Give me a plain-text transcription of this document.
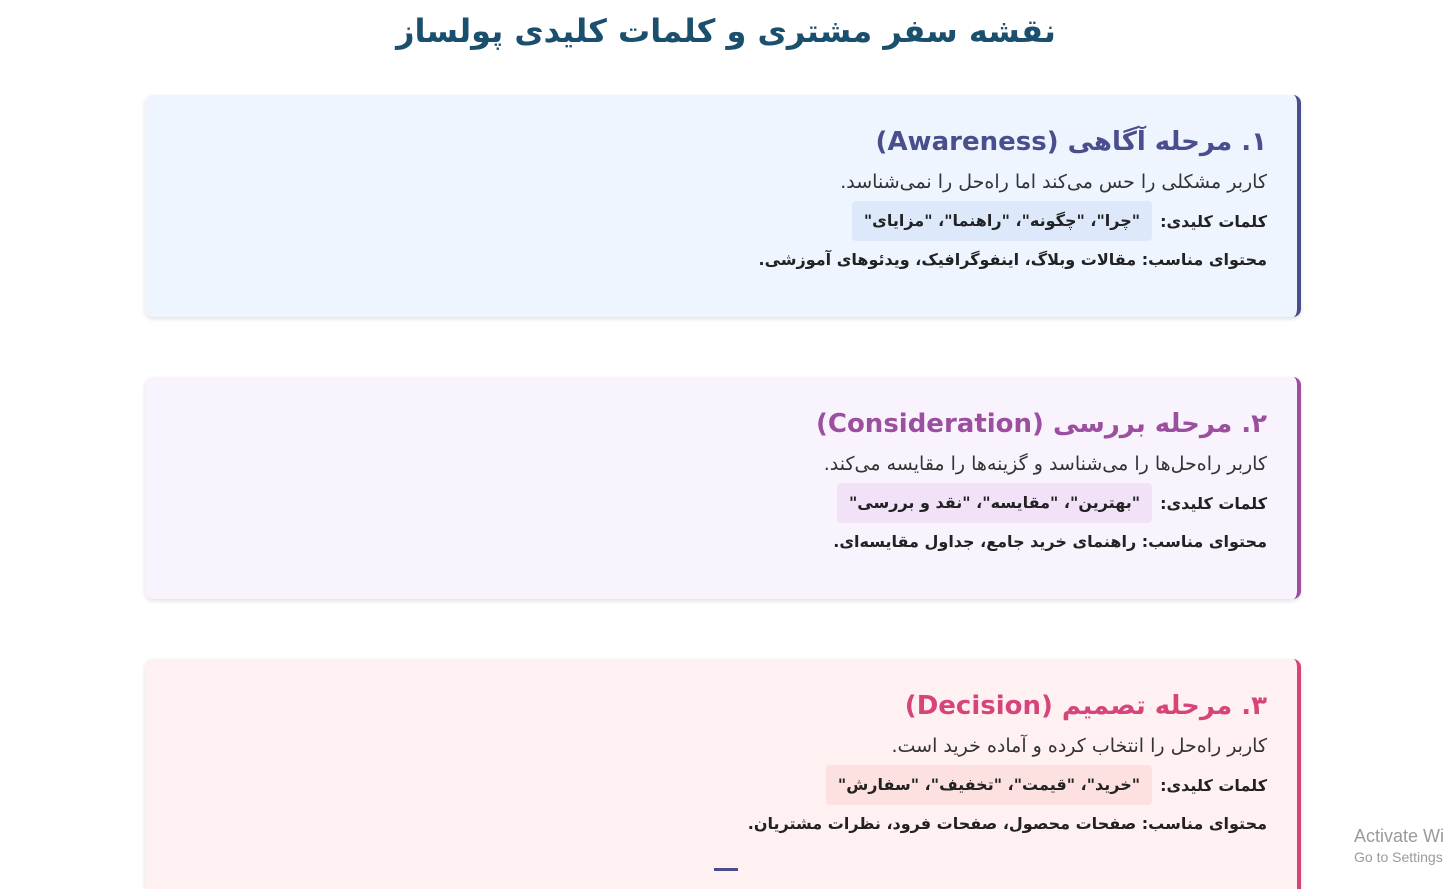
نقشه سفر مشتری و کلمات کلیدی پولساز
۱. مرحله آگاهی (Awareness)

کاربر مشکلی را حس می‌کند اما راه‌حل را نمی‌شناسد.

کلمات کلیدی:
"چرا"، "چگونه"، "راهنما"، "مزایای"
محتوای مناسب: مقالات وبلاگ، اینفوگرافیک، ویدئوهای آموزشی.
۲. مرحله بررسی (Consideration)

کاربر راه‌حل‌ها را می‌شناسد و گزینه‌ها را مقایسه می‌کند.

کلمات کلیدی:
"بهترین"، "مقایسه"، "نقد و بررسی"
محتوای مناسب: راهنمای خرید جامع، جداول مقایسه‌ای.
۳. مرحله تصمیم (Decision)

کاربر راه‌حل را انتخاب کرده و آماده خرید است.

کلمات کلیدی:
"خرید"، "قیمت"، "تخفیف"، "سفارش"
محتوای مناسب: صفحات محصول، صفحات فرود، نظرات مشتریان.
Activate Wi
Go to Settings
